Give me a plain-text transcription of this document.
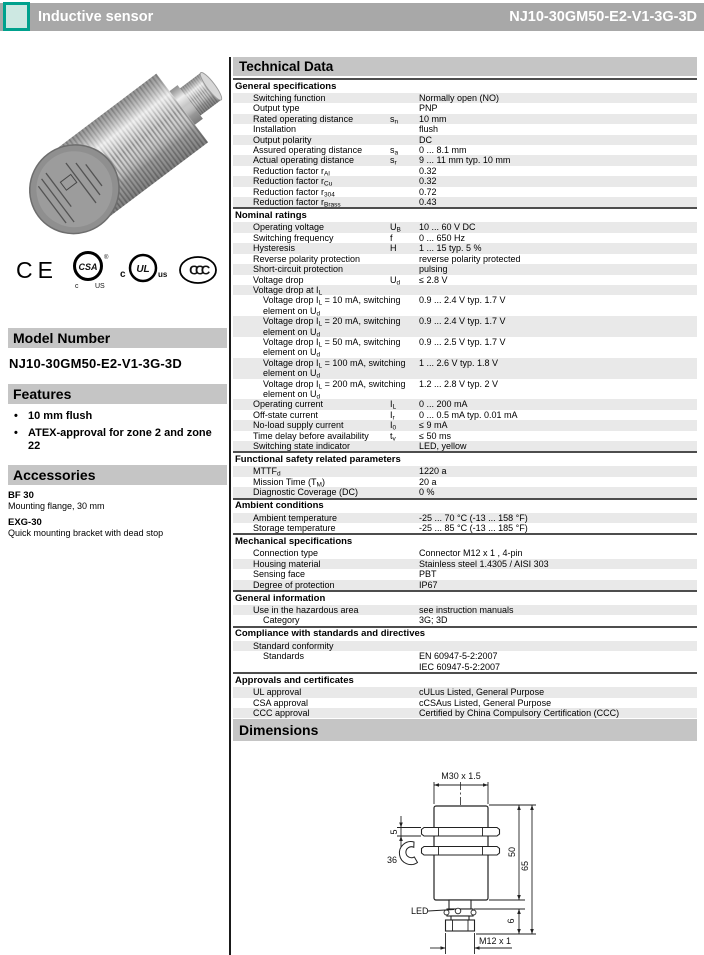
Inductive sensor	NJ10-30GM50-E2-V1-3G-3D
CE CSA
®
c US
c UL us CCC
Model Number
NJ10-30GM50-E2-V1-3G-3D
Features
• 10 mm flush
• ATEX-approval for zone 2 and zone 22
Accessories
BF 30
Mounting flange, 30 mm
EXG-30
Quick mounting bracket with dead stop
Technical Data
General specifications
Switching function	Normally open (NO)
Output type	PNP
Rated operating distance	$s_n$	10 mm
Installation	flush
Output polarity	DC
Assured operating distance	$s_a$	0 ... 8.1 mm
Actual operating distance	$s_r$	9 ... 11 mm typ. 10 mm
Reduction factor $r_{Al}$	0.32
Reduction factor $r_{Cu}$	0.32
Reduction factor $r_{304}$	0.72
Reduction factor $r_{Brass}$	0.43
Nominal ratings
Operating voltage	$U_B$	10 ... 60 V DC
Switching frequency	f	0 ... 650 Hz
Hysteresis	H	1 ... 15 typ. 5 %
Reverse polarity protection	reverse polarity protected
Short-circuit protection	pulsing
Voltage drop	$U_d$	≤ 2.8 V
Voltage drop at $I_L$
Voltage drop $I_L = 10$ mA, switching element on $U_d$
0.9 ... 2.4 V typ. 1.7 V
Voltage drop $I_L = 20$ mA, switching element on $U_d$
0.9 ... 2.4 V typ. 1.7 V
Voltage drop $I_L = 50$ mA, switching element on $U_d$
0.9 ... 2.5 V typ. 1.7 V
Voltage drop $I_L = 100$ mA, switching element on $U_d$
1 ... 2.6 V typ. 1.8 V
Voltage drop $I_L = 200$ mA, switching element on $U_d$
1.2 ... 2.8 V typ. 2 V
Operating current	$I_L$	0 ... 200 mA
Off-state current	$I_r$	0 ... 0.5 mA typ. 0.01 mA
No-load supply current	$I_0$	≤ 9 mA
Time delay before availability	$t_v$	≤ 50 ms
Switching state indicator	LED, yellow
Functional safety related parameters
$MTTF_d$	1220 a
Mission Time $(T_M)$	20 a
Diagnostic Coverage (DC)	0 %
Ambient conditions
Ambient temperature	-25 ... 70 °C (-13 ... 158 °F)
Storage temperature	-25 ... 85 °C (-13 ... 185 °F)
Mechanical specifications
Connection type	Connector M12 x 1 , 4-pin
Housing material	Stainless steel 1.4305 / AISI 303
Sensing face	PBT
Degree of protection	IP67
General information
Use in the hazardous area	see instruction manuals
Category	3G; 3D
Compliance with standards and directives
Standard conformity
Standards	EN 60947-5-2:2007
IEC 60947-5-2:2007
Approvals and certificates
UL approval	cULus Listed, General Purpose
CSA approval	cCSAus Listed, General Purpose
CCC approval	Certified by China Compulsory Certification (CCC)
Dimensions
M30 x 1.5
5
36
50
65
6
LED
M12 x 1
